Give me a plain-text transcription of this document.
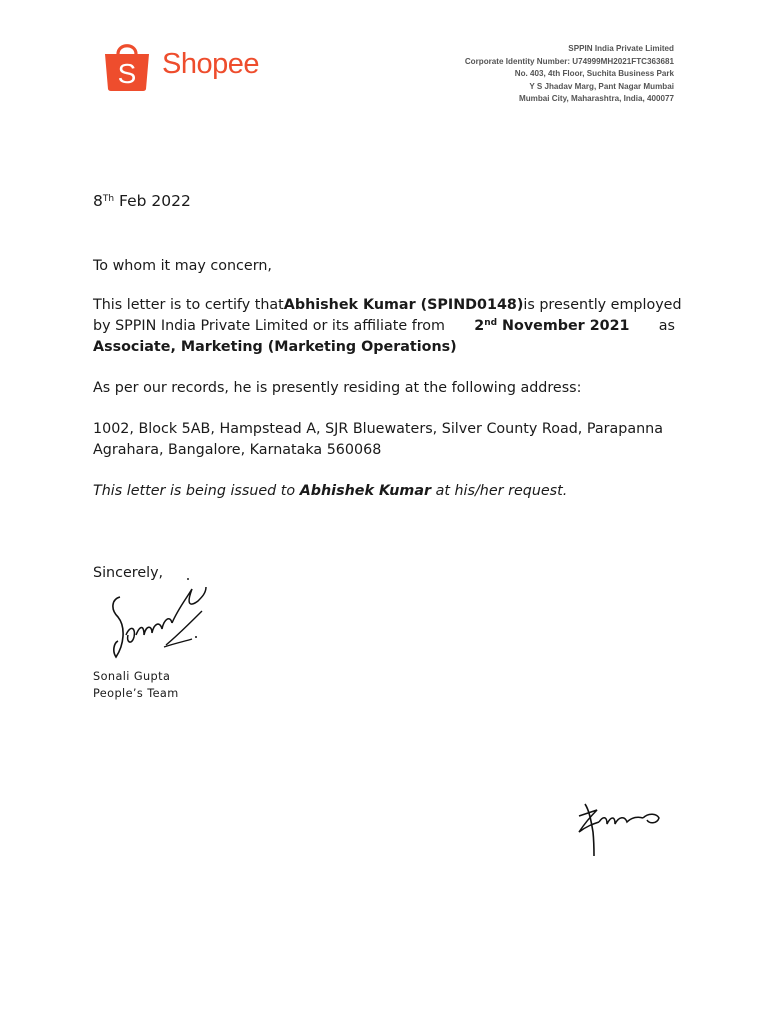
S Shopee	SPPIN India Private Limited
Corporate Identity Number: U74999MH2021FTC363681
No. 403, 4th Floor, Suchita Business Park
Y S Jhadav Marg, Pant Nagar Mumbai
Mumbai City, Maharashtra, India, 400077
8Th Feb 2022
To whom it may concern,
This letter is to certify that Abhishek Kumar (SPIND0148) is presently employed
by SPPIN India Private Limited or its affiliate from 2nd November 2021 as
Associate, Marketing (Marketing Operations)
As per our records, he is presently residing at the following address:
1002, Block 5AB, Hampstead A, SJR Bluewaters, Silver County Road, Parapanna
Agrahara, Bangalore, Karnataka 560068
This letter is being issued to Abhishek Kumar at his/her request.
Sincerely,
Sonali Gupta
People’s Team
